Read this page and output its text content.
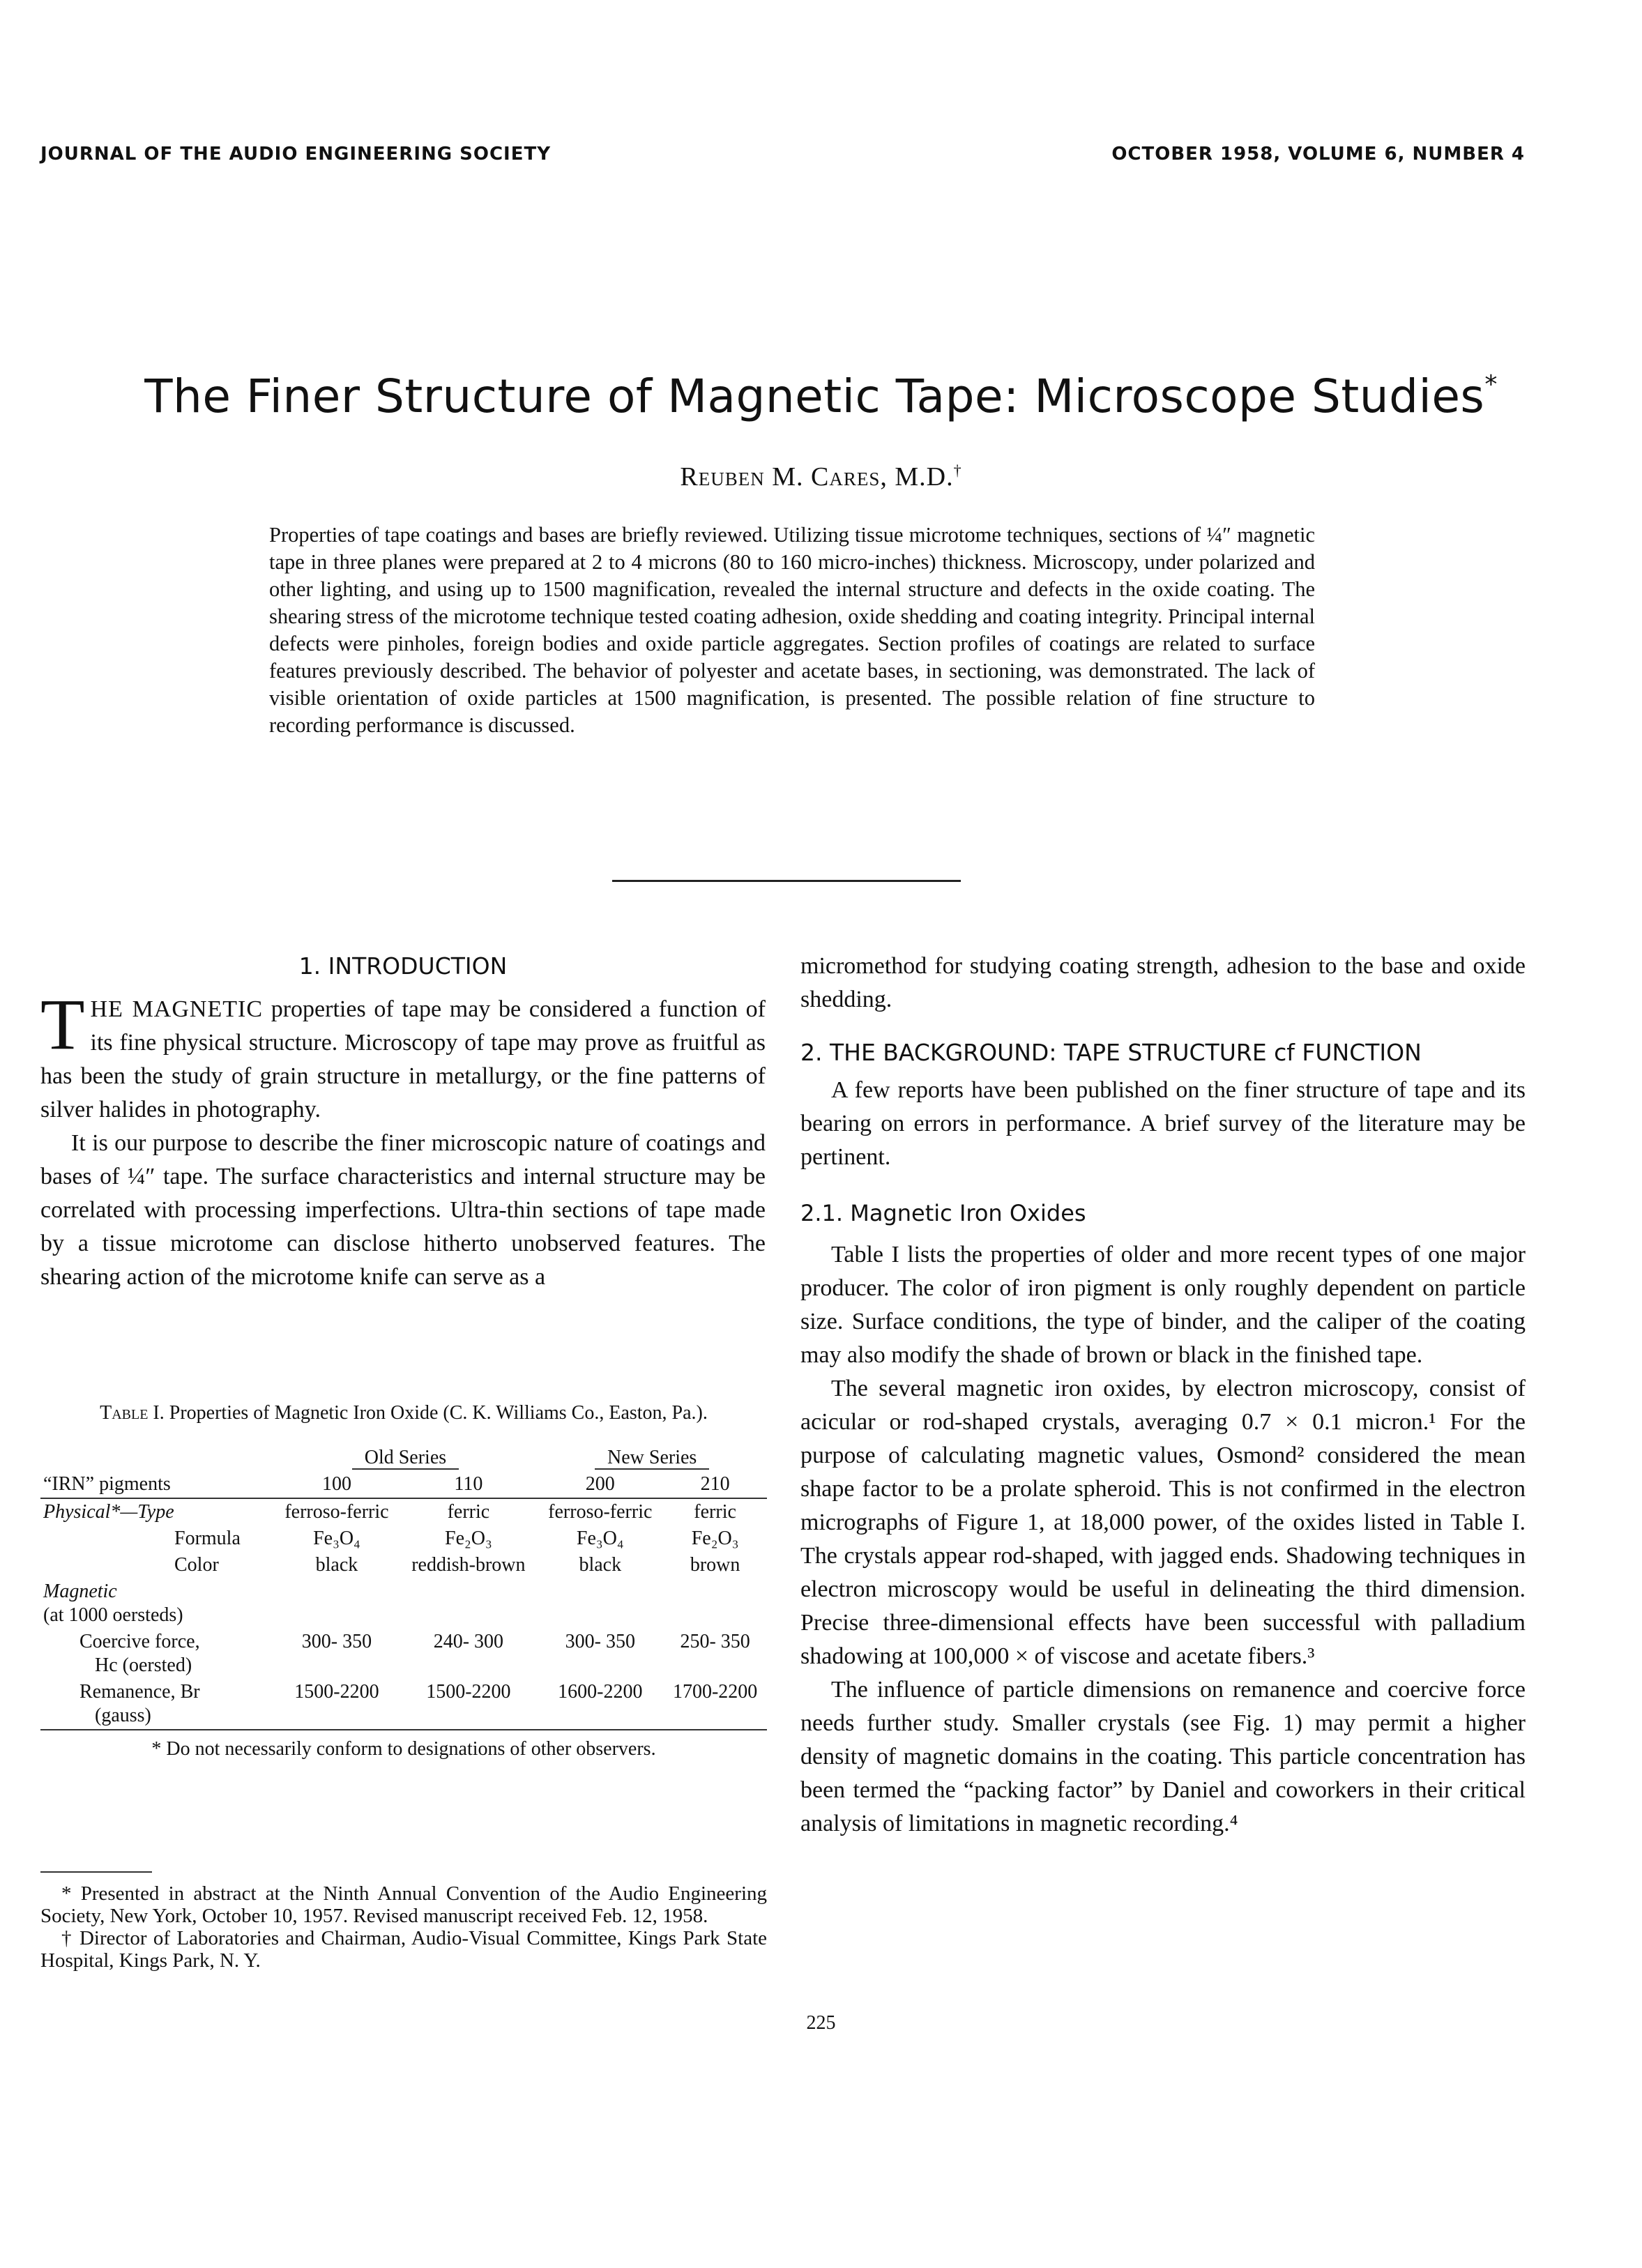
JOURNAL OF THE AUDIO ENGINEERING SOCIETY	OCTOBER 1958, VOLUME 6, NUMBER 4
The Finer Structure of Magnetic Tape: Microscope Studies*
Reuben M. Cares, M.D.†
Properties of tape coatings and bases are briefly reviewed. Utilizing tissue microtome techniques, sections of ¼″ magnetic tape in three planes were prepared at 2 to 4 microns (80 to 160 micro-inches) thickness. Microscopy, under polarized and other lighting, and using up to 1500 magnification, revealed the internal structure and defects in the oxide coating. The shearing stress of the microtome technique tested coating adhesion, oxide shedding and coating integrity. Principal internal defects were pinholes, foreign bodies and oxide particle aggregates. Section profiles of coatings are related to surface features previously described. The behavior of polyester and acetate bases, in sectioning, was demonstrated. The lack of visible orientation of oxide particles at 1500 magnification, is presented. The possible relation of fine structure to recording performance is discussed.
1. INTRODUCTION

THE MAGNETIC properties of tape may be considered a function of its fine physical structure. Microscopy of tape may prove as fruitful as has been the study of grain structure in metallurgy, or the fine patterns of silver halides in photography.

It is our purpose to describe the finer microscopic nature of coatings and bases of ¼″ tape. The surface characteristics and internal structure may be correlated with processing imperfections. Ultra-thin sections of tape made by a tissue microtome can disclose hitherto unobserved features. The shearing action of the microtome knife can serve as a

Table I. Properties of Magnetic Iron Oxide (C. K. Williams Co., Easton, Pa.).
	Old Series		New Series	
“IRN” pigments	100	110	200	210
Physical*—Type	ferroso-ferric	ferric	ferroso-ferric	ferric
Formula	Fe₃O₄	Fe₂O₃	Fe₃O₄	Fe₂O₃
Color	black	reddish-brown	black	brown
Magnetic
(at 1000 oersteds)				
Coercive force,
Hc (oersted)	300- 350	240- 300	300- 350	250- 350
Remanence, Br
(gauss)	1500-2200	1500-2200	1600-2200	1700-2200
* Do not necessarily conform to designations of other observers.

* Presented in abstract at the Ninth Annual Convention of the Audio Engineering Society, New York, October 10, 1957. Revised manuscript received Feb. 12, 1958.

† Director of Laboratories and Chairman, Audio-Visual Committee, Kings Park State Hospital, Kings Park, N. Y.

micromethod for studying coating strength, adhesion to the base and oxide shedding.

2. THE BACKGROUND: TAPE STRUCTURE cf FUNCTION

A few reports have been published on the finer structure of tape and its bearing on errors in performance. A brief survey of the literature may be pertinent.

2.1. Magnetic Iron Oxides

Table I lists the properties of older and more recent types of one major producer. The color of iron pigment is only roughly dependent on particle size. Surface conditions, the type of binder, and the caliper of the coating may also modify the shade of brown or black in the finished tape.

The several magnetic iron oxides, by electron microscopy, consist of acicular or rod-shaped crystals, averaging 0.7 × 0.1 micron.¹ For the purpose of calculating magnetic values, Osmond² considered the mean shape factor to be a prolate spheroid. This is not confirmed in the electron micrographs of Figure 1, at 18,000 power, of the oxides listed in Table I. The crystals appear rod-shaped, with jagged ends. Shadowing techniques in electron microscopy would be useful in delineating the third dimension. Precise three-dimensional effects have been successful with palladium shadowing at 100,000 × of viscose and acetate fibers.³

The influence of particle dimensions on remanence and coercive force needs further study. Smaller crystals (see Fig. 1) may permit a higher density of magnetic domains in the coating. This particle concentration has been termed the “packing factor” by Daniel and coworkers in their critical analysis of limitations in magnetic recording.⁴

225
